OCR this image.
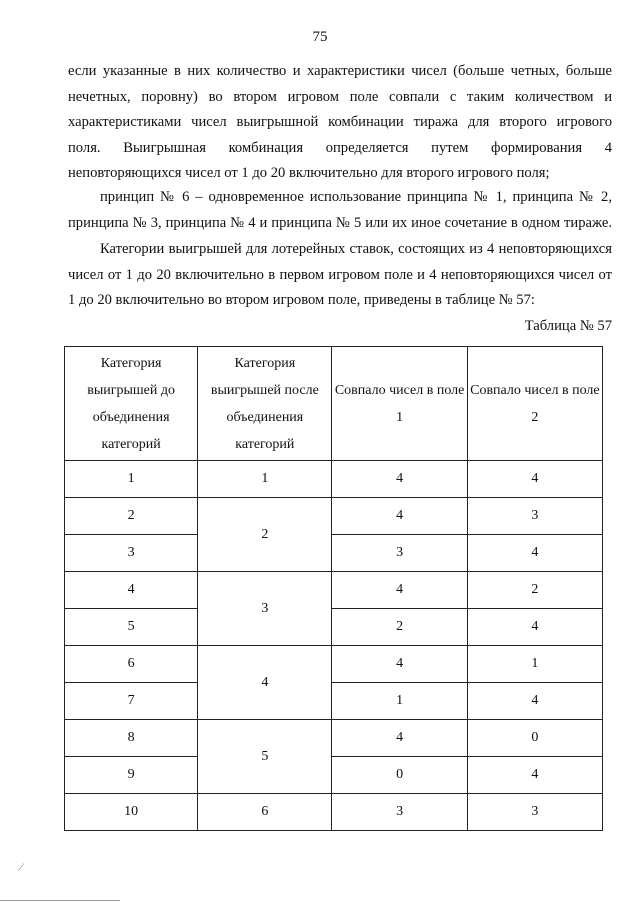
75
если указанные в них количество и характеристики чисел (больше четных, больше
нечетных, поровну) во втором игровом поле совпали с таким количеством и
характеристиками чисел выигрышной комбинации тиража для второго игрового
поля. Выигрышная комбинация определяется путем формирования 4
неповторяющихся чисел от 1 до 20 включительно для второго игрового поля;
принцип № 6 – одновременное использование принципа № 1, принципа № 2,
принципа № 3, принципа № 4 и принципа № 5 или их иное сочетание в одном тираже.
Категории выигрышей для лотерейных ставок, состоящих из 4 неповторяющихся
чисел от 1 до 20 включительно в первом игровом поле и 4 неповторяющихся чисел от
1 до 20 включительно во втором игровом поле, приведены в таблице № 57:
Таблица № 57
Категория выигрышей до объединения категорий	Категория выигрышей после объединения категорий	Совпало чисел в поле 1	Совпало чисел в поле 2
1	1	4	4
2	2	4	3
3		3	4
4	3	4	2
5		2	4
6	4	4	1
7		1	4
8	5	4	0
9		0	4
10	6	3	3
⁄
